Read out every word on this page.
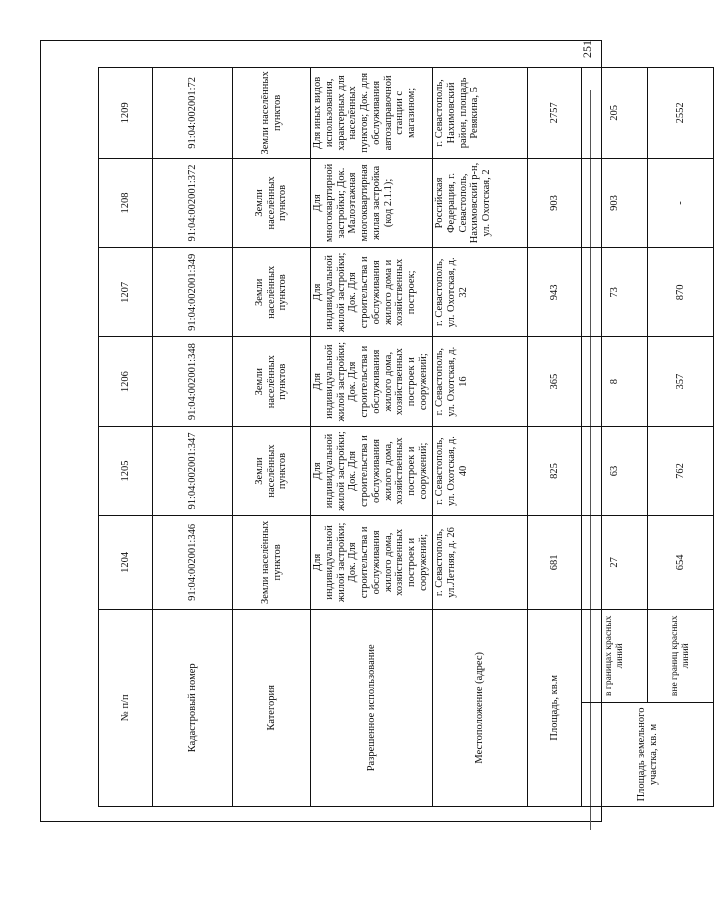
251
№ п/п		1204	1205	1206	1207	1208	1209
Кадастровый номер		91:04:002001:346	91:04:002001:347	91:04:002001:348	91:04:002001:349	91:04:002001:372	91:04:002001:72
Категория		Земли населённых пунктов	Земли населённых пунктов	Земли населённых пунктов	Земли населённых пунктов	Земли населённых пунктов	Земли населённых пунктов
Разрешенное использование		Для индивидуальной жилой застройки; Док. Для строительства и обслуживания жилого дома, хозяйственных построек и сооружений;	Для индивидуальной жилой застройки; Док. Для строительства и обслуживания жилого дома, хозяйственных построек и сооружений;	Для индивидуальной жилой застройки; Док. Для строительства и обслуживания жилого дома, хозяйственных построек и сооружений;	Для индивидуальной жилой застройки; Док. Для строительства и обслуживания жилого дома и хозяйственных построек;	Для многоквартирной застройки; Док. Малоэтажная многоквартирная жилая застройка (код 2.1.1);	Для иных видов использования, характерных для населённых пунктов; Док. для обслуживания автозаправочной станции с магазином;
Местоположение (адрес)		г. Севастополь, ул.Летняя, д. 26	г. Севастополь, ул. Охотская, д. 40	г. Севастополь, ул. Охотская, д. 16	г. Севастополь, ул. Охотская, д. 32	Российская Федерация, г. Севастополь, Нахимовский р-н, ул. Охотская, 2	г. Севастополь, Нахимовский район, площадь Ревякина, 5
Площадь, кв.м		681	825	365	943	903	2757
Площадь земельного участка, кв. м	в границах красных линий	27	63	8	73	903	205
	вне границ красных линий	654	762	357	870	-	2552
